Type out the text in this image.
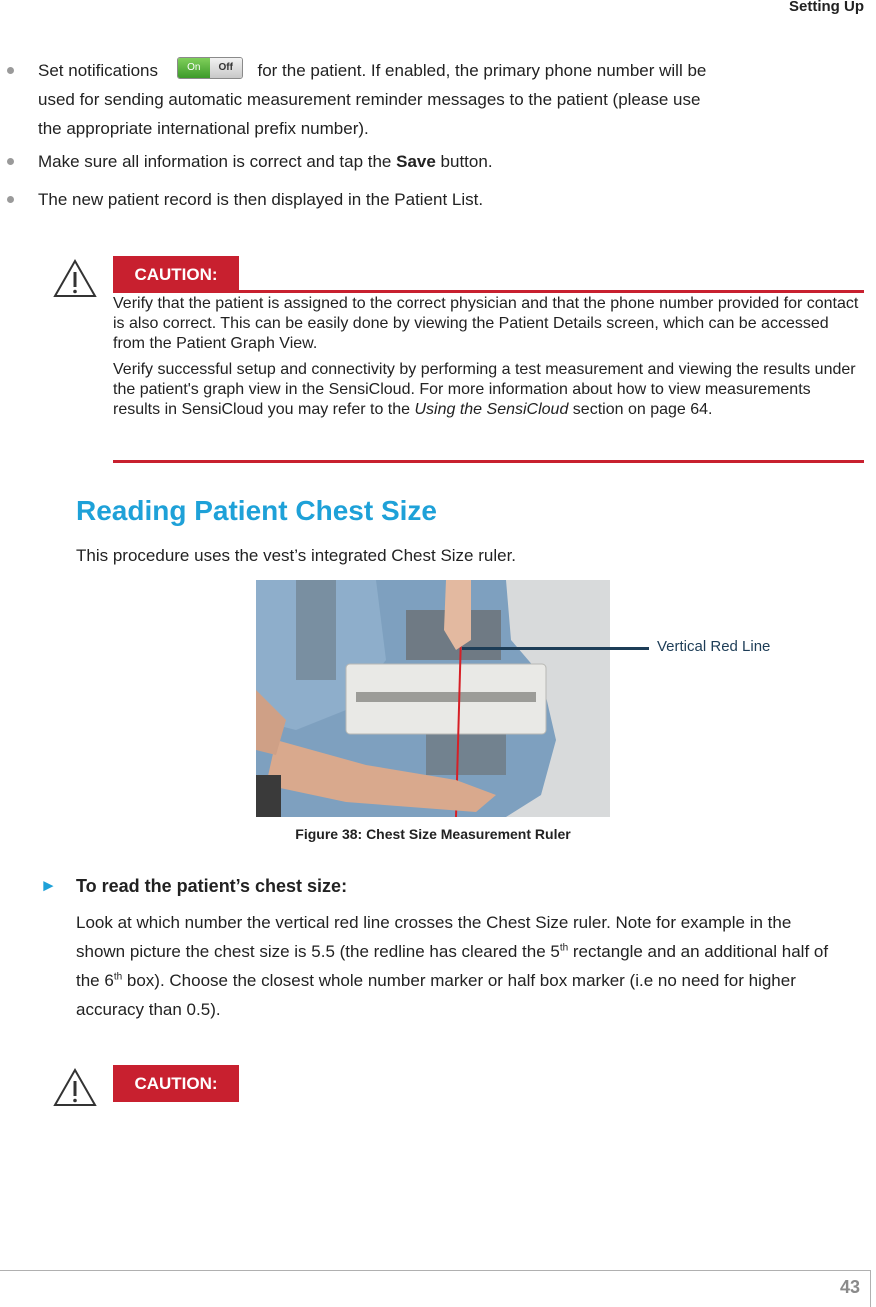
Setting Up
Set notifications	On	Off	for the patient. If enabled, the primary phone number will be
used for sending automatic measurement reminder messages to the patient (please use
the appropriate international prefix number).
Make sure all information is correct and tap the Save button.
The new patient record is then displayed in the Patient List.
CAUTION:

Verify that the patient is assigned to the correct physician and that the phone number provided for contact is also correct. This can be easily done by viewing the Patient Details screen, which can be accessed from the Patient Graph View.

Verify successful setup and connectivity by performing a test measurement and viewing the results under the patient's graph view in the SensiCloud. For more information about how to view measurements results in SensiCloud you may refer to the Using the SensiCloud section on page 64.

Reading Patient Chest Size
This procedure uses the vest’s integrated Chest Size ruler.
Vertical Red Line
Figure 38: Chest Size Measurement Ruler
► To read the patient’s chest size:
Look at which number the vertical red line crosses the Chest Size ruler. Note for example in the shown picture the chest size is 5.5 (the redline has cleared the 5th rectangle and an additional half of the 6th box). Choose the closest whole number marker or half box marker (i.e no need for higher accuracy than 0.5).
CAUTION:
43
